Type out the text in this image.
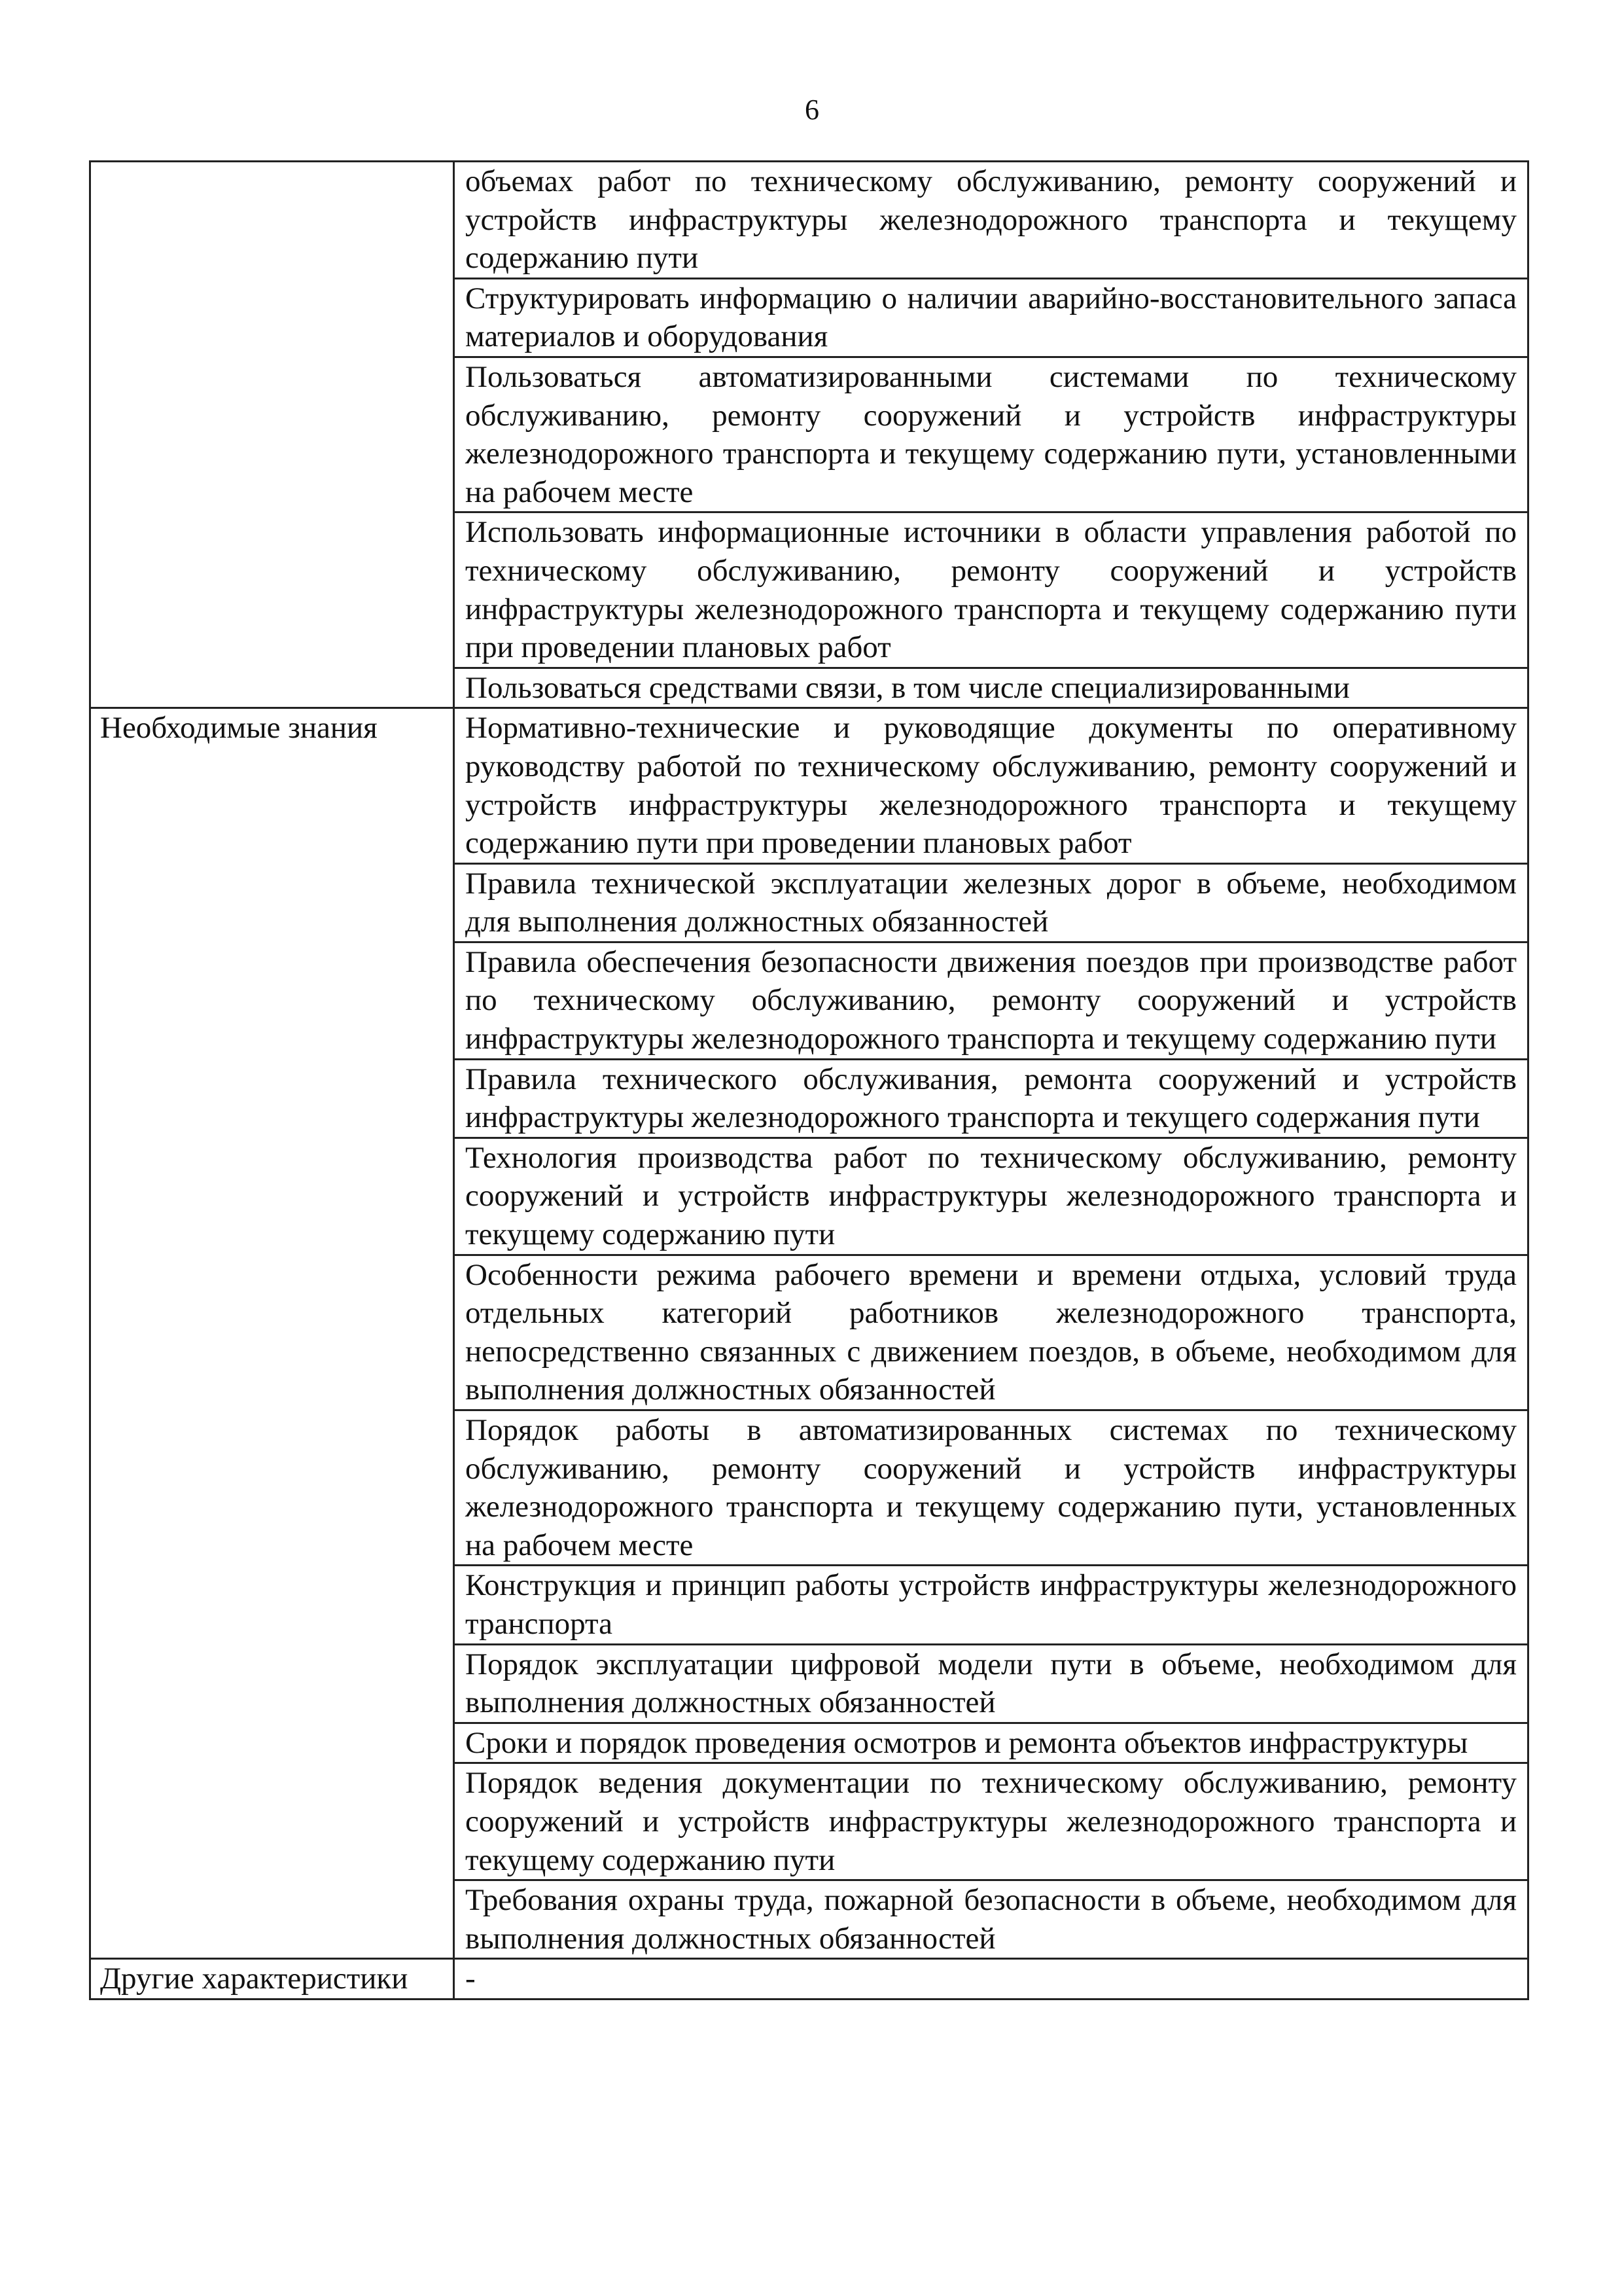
6
	объемах работ по техническому обслуживанию, ремонту сооружений и устройств инфраструктуры железнодорожного транспорта и текущему содержанию пути
	Структурировать информацию о наличии аварийно-восстановительного запаса материалов и оборудования
	Пользоваться автоматизированными системами по техническому обслуживанию, ремонту сооружений и устройств инфраструктуры железнодорожного транспорта и текущему содержанию пути, установленными на рабочем месте
	Использовать информационные источники в области управления работой по техническому обслуживанию, ремонту сооружений и устройств инфраструктуры железнодорожного транспорта и текущему содержанию пути при проведении плановых работ
	Пользоваться средствами связи, в том числе специализированными
Необходимые знания	Нормативно-технические и руководящие документы по оперативному руководству работой по техническому обслуживанию, ремонту сооружений и устройств инфраструктуры железнодорожного транспорта и текущему содержанию пути при проведении плановых работ
	Правила технической эксплуатации железных дорог в объеме, необходимом для выполнения должностных обязанностей
	Правила обеспечения безопасности движения поездов при производстве работ по техническому обслуживанию, ремонту сооружений и устройств инфраструктуры железнодорожного транспорта и текущему содержанию пути
	Правила технического обслуживания, ремонта сооружений и устройств инфраструктуры железнодорожного транспорта и текущего содержания пути
	Технология производства работ по техническому обслуживанию, ремонту сооружений и устройств инфраструктуры железнодорожного транспорта и текущему содержанию пути
	Особенности режима рабочего времени и времени отдыха, условий труда отдельных категорий работников железнодорожного транспорта, непосредственно связанных с движением поездов, в объеме, необходимом для выполнения должностных обязанностей
	Порядок работы в автоматизированных системах по техническому обслуживанию, ремонту сооружений и устройств инфраструктуры железнодорожного транспорта и текущему содержанию пути, установленных на рабочем месте
	Конструкция и принцип работы устройств инфраструктуры железнодорожного транспорта
	Порядок эксплуатации цифровой модели пути в объеме, необходимом для выполнения должностных обязанностей
	Сроки и порядок проведения осмотров и ремонта объектов инфраструктуры
	Порядок ведения документации по техническому обслуживанию, ремонту сооружений и устройств инфраструктуры железнодорожного транспорта и текущему содержанию пути
	Требования охраны труда, пожарной безопасности в объеме, необходимом для выполнения должностных обязанностей
Другие характеристики	-
